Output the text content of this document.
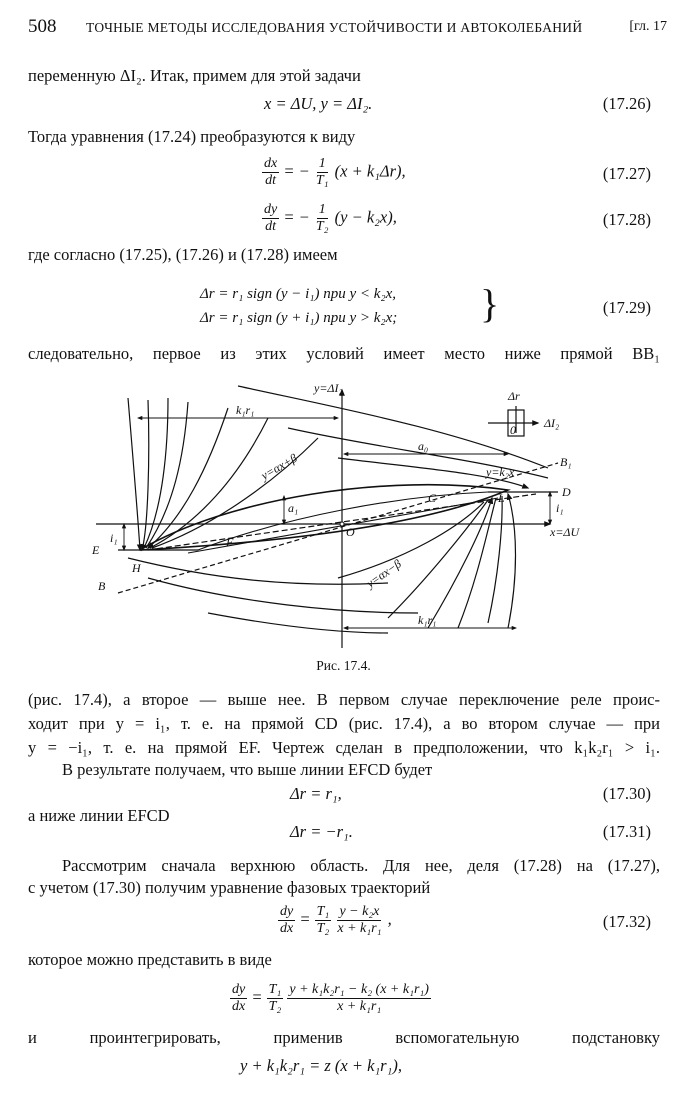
508 ТОЧНЫЕ МЕТОДЫ ИССЛЕДОВАНИЯ УСТОЙЧИВОСТИ И АВТОКОЛЕБАНИЙ	[гл. 17
переменную ΔI₂. Итак, примем для этой задачи
x = ΔU, y = ΔI₂.	(17.26)
Тогда уравнения (17.24) преобразуются к виду
$\frac{dx}{dt}$ = − $\frac{1}{\text{T₁}} (x + k_1\Delta r)$,	(17.27)
$\frac{dy}{dt}$ = − $\frac{1}{\text{T₂}} (y - k_2x)$,	(17.28)
где согласно (17.25), (17.26) и (17.28) имеем
Δr = r₁ sign (y − i₁) при y < k₂x,
Δr = r₁ sign (y + i₁) при y > k₂x; }	(17.29)
следовательно, первое из этих условий имеет место ниже прямой BB₁
y=ΔI₂
x=ΔU
k₁r₁
k₁r₁
a₀
a₁
i₁
i₁
y=αx+β
y=αx−β
y=k₂x
B
B₁
D
E
F
C	L
H
O
Δr
ΔI₂
0
Рис. 17.4.
(рис. 17.4), а второе — выше нее. В первом случае переключение реле проис-
ходит при y = i₁, т. е. на прямой CD (рис. 17.4), а во втором случае — при
y = −i₁, т. е. на прямой EF. Чертеж сделан в предположении, что k₁k₂r₁ > i₁.
В результате получаем, что выше линии EFCD будет
Δr = r₁,	(17.30)
а ниже линии EFCD
Δr = −r₁.	(17.31)
Рассмотрим сначала верхнюю область. Для нее, деля (17.28) на (17.27),
с учетом (17.30) получим уравнение фазовых траекторий
$\frac{dy}{dx} = \frac{\text{T₁}}{\text{T₂}}$
$\frac{\text{y − k₂x}}{\text{x + k₁r₁}}$ ,	(17.32)
которое можно представить в виде
$\frac{dy}{dx} = \frac{\text{T₁}}{\text{T₂}}$
$\frac{\text{y + k₁k₂r₁ − k₂ (x + k₁r₁)}}{\text{x + k₁r₁}}$
и проинтегрировать, применив вспомогательную подстановку
y + k₁k₂r₁ = z (x + k₁r₁),
